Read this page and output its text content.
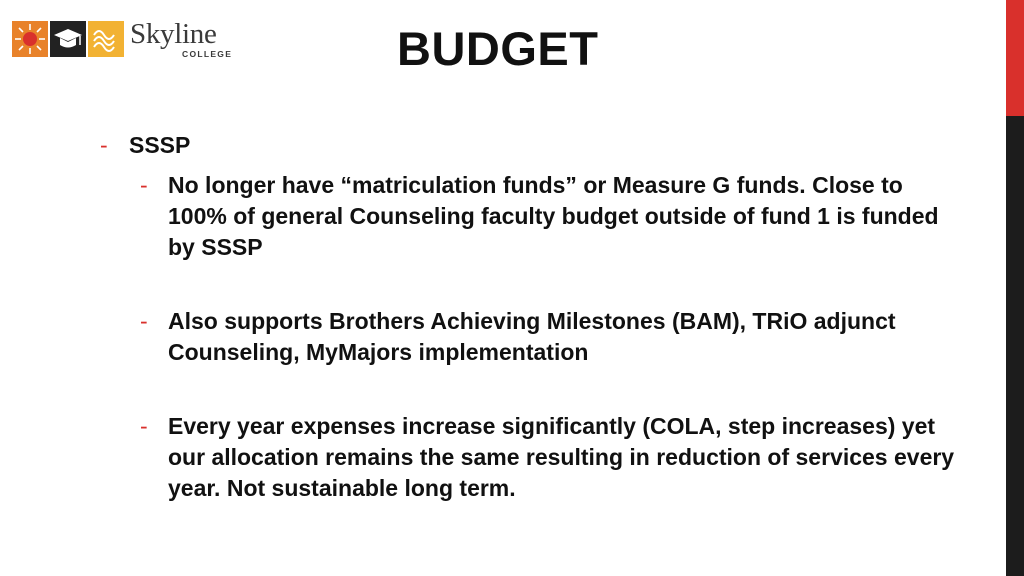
Skyline
COLLEGE	BUDGET
- SSSP
- No longer have “matriculation funds” or Measure G funds. Close to 100% of general Counseling faculty budget outside of fund 1 is funded by SSSP
- Also supports Brothers Achieving Milestones (BAM), TRiO adjunct Counseling, MyMajors implementation
- Every year expenses increase significantly (COLA, step increases) yet our allocation remains the same resulting in reduction of services every year. Not sustainable long term.
